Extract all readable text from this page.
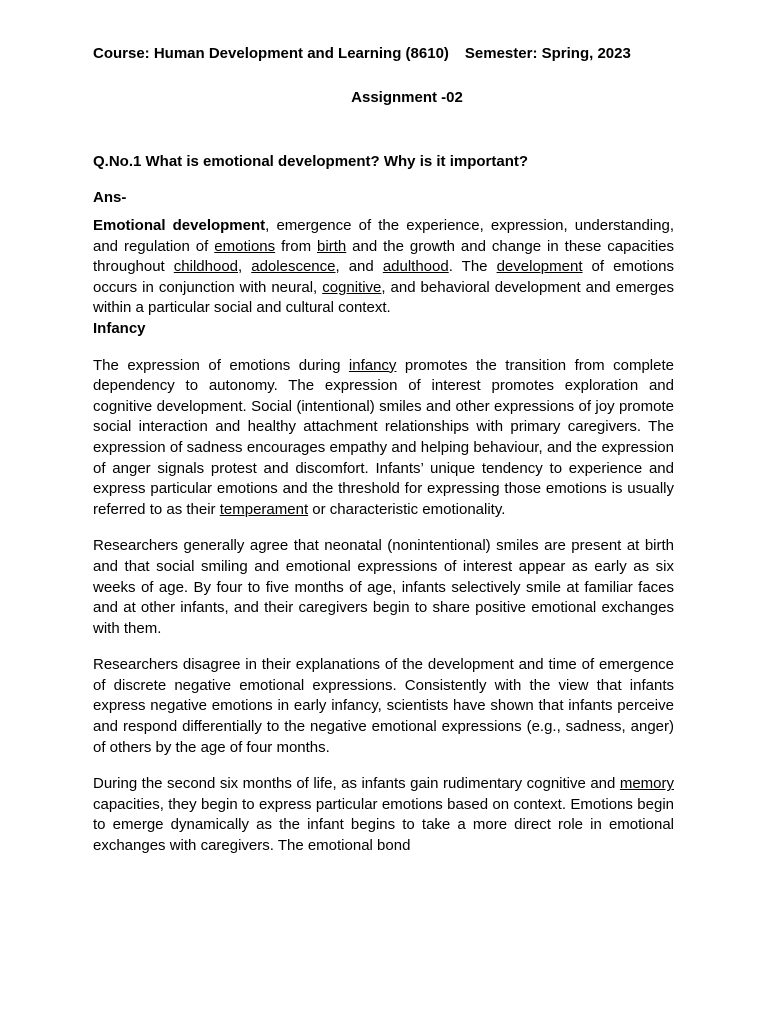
Course: Human Development and Learning (8610) Semester: Spring, 2023
Assignment -02
Q.No.1 What is emotional development? Why is it important?
Ans-

Emotional development, emergence of the experience, expression, understanding, and regulation of emotions from birth and the growth and change in these capacities throughout childhood, adolescence, and adulthood. The development of emotions occurs in conjunction with neural, cognitive, and behavioral development and emerges within a particular social and cultural context.

Infancy

The expression of emotions during infancy promotes the transition from complete dependency to autonomy. The expression of interest promotes exploration and cognitive development. Social (intentional) smiles and other expressions of joy promote social interaction and healthy attachment relationships with primary caregivers. The expression of sadness encourages empathy and helping behaviour, and the expression of anger signals protest and discomfort. Infants’ unique tendency to experience and express particular emotions and the threshold for expressing those emotions is usually referred to as their temperament or characteristic emotionality.

Researchers generally agree that neonatal (nonintentional) smiles are present at birth and that social smiling and emotional expressions of interest appear as early as six weeks of age. By four to five months of age, infants selectively smile at familiar faces and at other infants, and their caregivers begin to share positive emotional exchanges with them.

Researchers disagree in their explanations of the development and time of emergence of discrete negative emotional expressions. Consistently with the view that infants express negative emotions in early infancy, scientists have shown that infants perceive and respond differentially to the negative emotional expressions (e.g., sadness, anger) of others by the age of four months.

During the second six months of life, as infants gain rudimentary cognitive and memory capacities, they begin to express particular emotions based on context. Emotions begin to emerge dynamically as the infant begins to take a more direct role in emotional exchanges with caregivers. The emotional bond
